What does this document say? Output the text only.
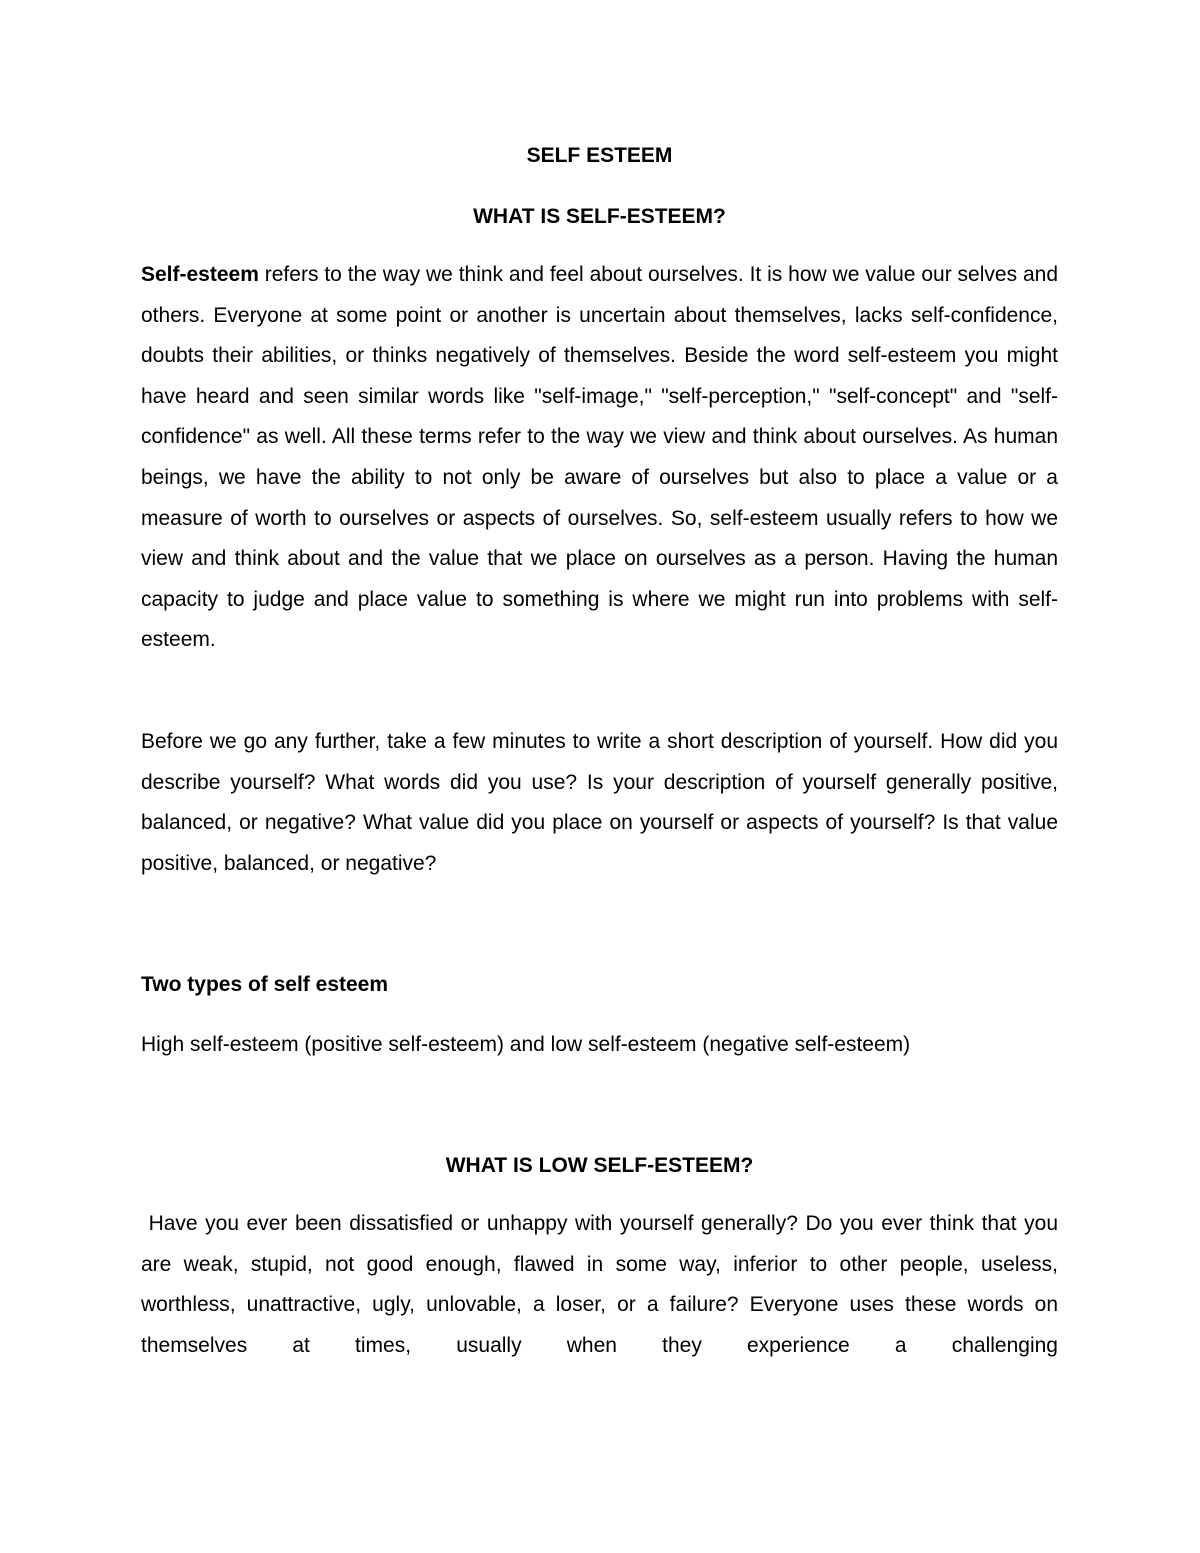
SELF ESTEEM

WHAT IS SELF-ESTEEM?

Self-esteem refers to the way we think and feel about ourselves. It is how we value our selves and others. Everyone at some point or another is uncertain about themselves, lacks self-confidence, doubts their abilities, or thinks negatively of themselves. Beside the word self-esteem you might have heard and seen similar words like "self-image," "self-perception," "self-concept" and "self-confidence" as well. All these terms refer to the way we view and think about ourselves. As human beings, we have the ability to not only be aware of ourselves but also to place a value or a measure of worth to ourselves or aspects of ourselves. So, self-esteem usually refers to how we view and think about and the value that we place on ourselves as a person. Having the human capacity to judge and place value to something is where we might run into problems with self-esteem.

Before we go any further, take a few minutes to write a short description of yourself. How did you describe yourself? What words did you use? Is your description of yourself generally positive, balanced, or negative? What value did you place on yourself or aspects of yourself? Is that value positive, balanced, or negative?

Two types of self esteem

High self-esteem (positive self-esteem) and low self-esteem (negative self-esteem)

WHAT IS LOW SELF-ESTEEM?

Have you ever been dissatisfied or unhappy with yourself generally? Do you ever think that you are weak, stupid, not good enough, flawed in some way, inferior to other people, useless, worthless, unattractive, ugly, unlovable, a loser, or a failure? Everyone uses these words on themselves at times, usually when they experience a challenging
